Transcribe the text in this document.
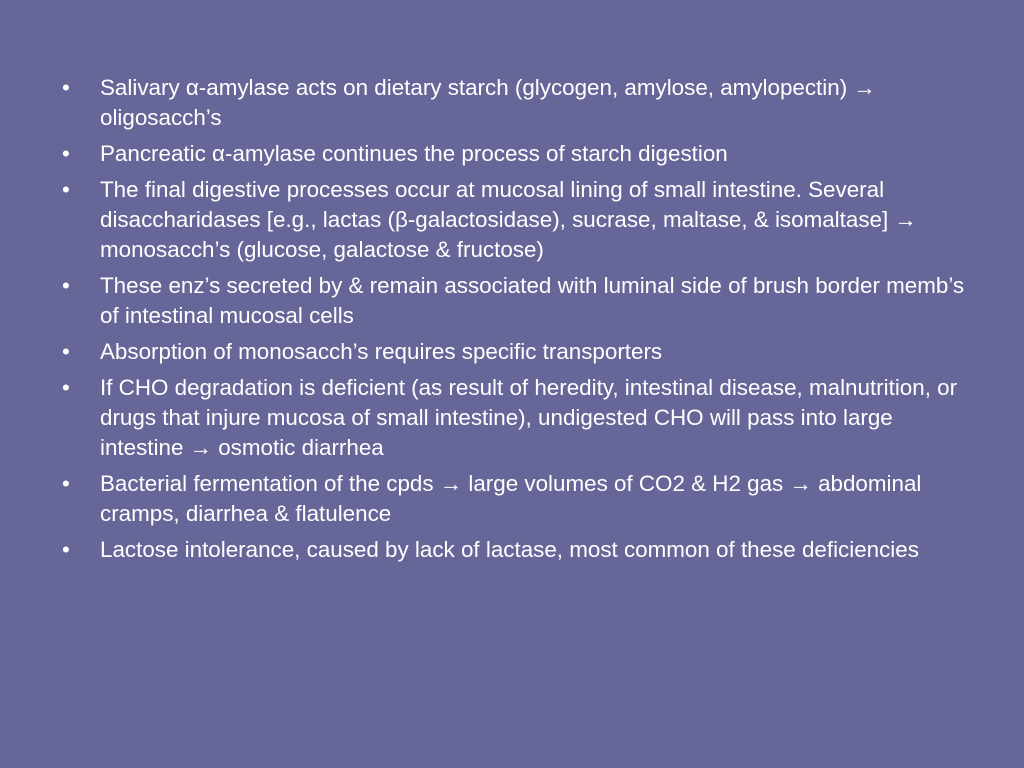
•	Salivary α-amylase acts on dietary starch (glycogen, amylose, amylopectin) → oligosacch’s
•	Pancreatic α-amylase continues the process of starch digestion
•	The final digestive processes occur at mucosal lining of small intestine. Several disaccharidases [e.g., lactas (β-galactosidase), sucrase, maltase, & isomaltase] → monosacch’s (glucose, galactose & fructose)
•	These enz’s secreted by & remain associated with luminal side of brush border memb’s of intestinal mucosal cells
•	Absorption of monosacch’s requires specific transporters
•	If CHO degradation is deficient (as result of heredity, intestinal disease, malnutrition, or drugs that injure mucosa of small intestine), undigested CHO will pass into large intestine → osmotic diarrhea
•	Bacterial fermentation of the cpds → large volumes of CO2 & H2 gas → abdominal cramps, diarrhea & flatulence
•	Lactose intolerance, caused by lack of lactase, most common of these deficiencies
